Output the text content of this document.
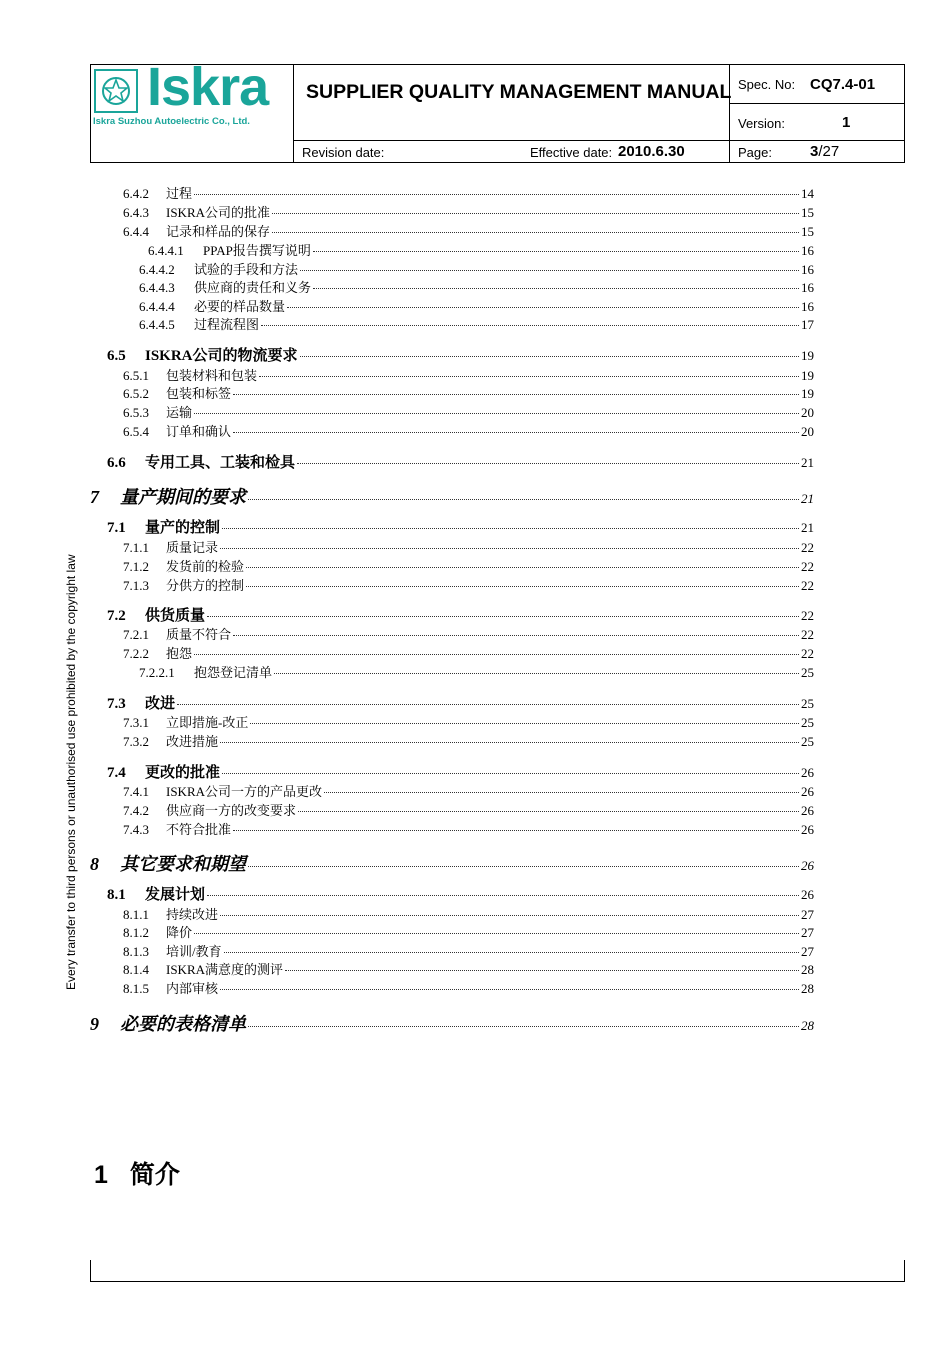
Iskra
Iskra Suzhou Autoelectric Co., Ltd.
SUPPLIER QUALITY MANAGEMENT MANUAL Spec. No: CQ7.4-01
Version:	1
Revision date:	Effective date: 2010.6.30	Page:	3/27
Every transfer to third persons or unauthorised use prohibited by the copyright law
6.4.2	过程	14
6.4.3	ISKRA公司的批准	15
6.4.4	记录和样品的保存	15
6.4.4.1	PPAP报告撰写说明	16
6.4.4.2	试验的手段和方法	16
6.4.4.3	供应商的责任和义务	16
6.4.4.4	必要的样品数量	16
6.4.4.5	过程流程图	17
6.5	ISKRA公司的物流要求	19
6.5.1	包装材料和包装	19
6.5.2	包装和标签	19
6.5.3	运输	20
6.5.4	订单和确认	20
6.6	专用工具、工装和检具	21
7	量产期间的要求	21
7.1	量产的控制	21
7.1.1	质量记录	22
7.1.2	发货前的检验	22
7.1.3	分供方的控制	22
7.2	供货质量	22
7.2.1	质量不符合	22
7.2.2	抱怨	22
7.2.2.1	抱怨登记清单	25
7.3	改进	25
7.3.1	立即措施-改正	25
7.3.2	改进措施	25
7.4	更改的批准	26
7.4.1	ISKRA公司一方的产品更改	26
7.4.2	供应商一方的改变要求	26
7.4.3	不符合批准	26
8	其它要求和期望	26
8.1	发展计划	26
8.1.1	持续改进	27
8.1.2	降价	27
8.1.3	培训/教育	27
8.1.4	ISKRA满意度的测评	28
8.1.5	内部审核	28
9	必要的表格清单	28
1 简介
